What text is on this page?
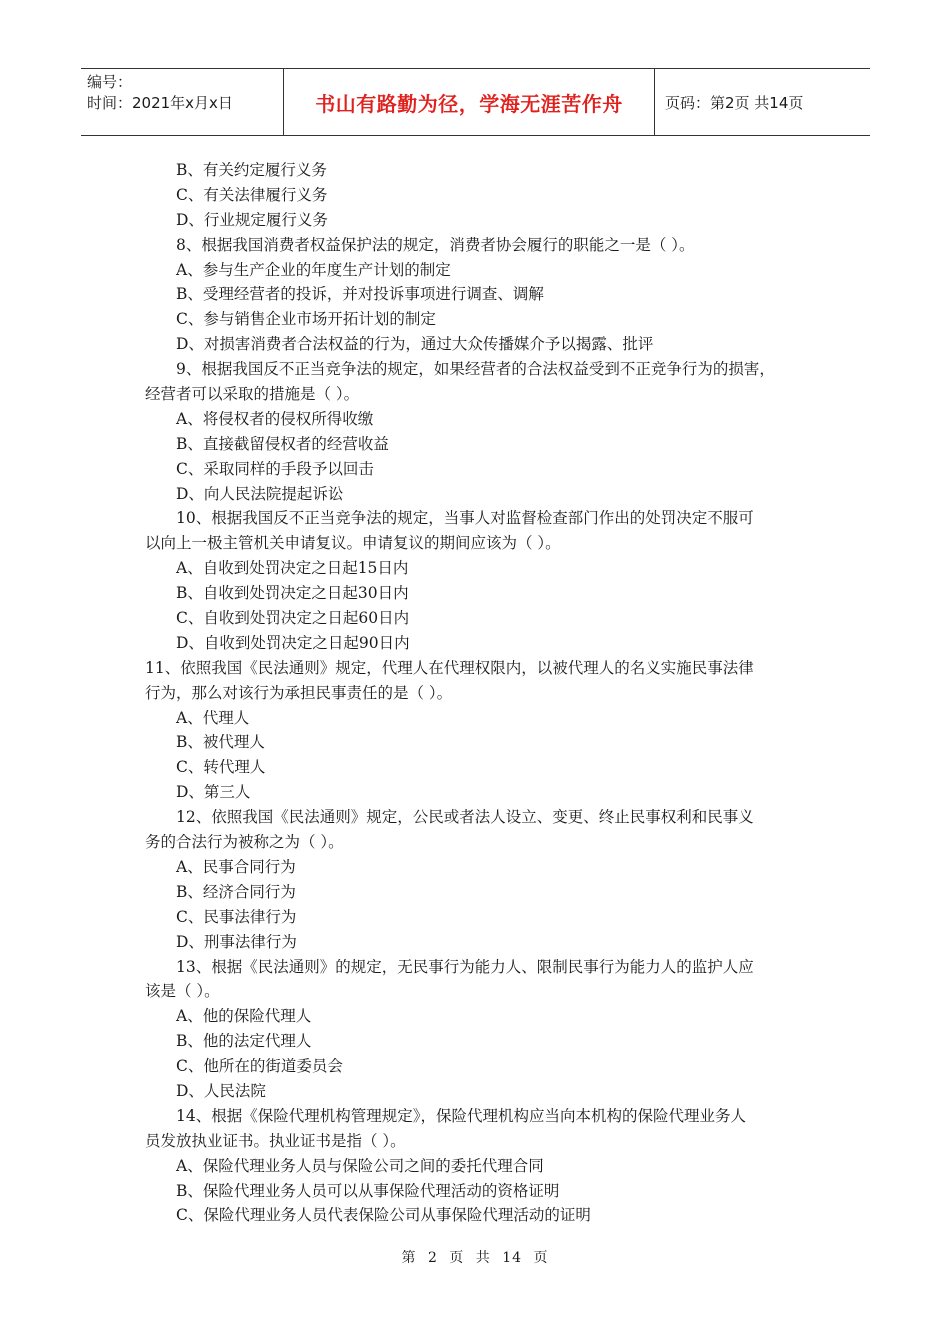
编号：
时间：2021年x月x日	书山有路勤为径，学海无涯苦作舟	页码：第2页 共14页
B、有关约定履行义务
C、有关法律履行义务
D、行业规定履行义务
8、根据我国消费者权益保护法的规定，消费者协会履行的职能之一是（ ）。
A、参与生产企业的年度生产计划的制定
B、受理经营者的投诉，并对投诉事项进行调查、调解
C、参与销售企业市场开拓计划的制定
D、对损害消费者合法权益的行为，通过大众传播媒介予以揭露、批评
9、根据我国反不正当竞争法的规定，如果经营者的合法权益受到不正竞争行为的损害，
经营者可以采取的措施是（ ）。
A、将侵权者的侵权所得收缴
B、直接截留侵权者的经营收益
C、采取同样的手段予以回击
D、向人民法院提起诉讼
10、根据我国反不正当竞争法的规定，当事人对监督检查部门作出的处罚决定不服可
以向上一极主管机关申请复议。申请复议的期间应该为（ ）。
A、自收到处罚决定之日起15日内
B、自收到处罚决定之日起30日内
C、自收到处罚决定之日起60日内
D、自收到处罚决定之日起90日内
11、依照我国《民法通则》规定，代理人在代理权限内，以被代理人的名义实施民事法律
行为，那么对该行为承担民事责任的是（ ）。
A、代理人
B、被代理人
C、转代理人
D、第三人
12、依照我国《民法通则》规定，公民或者法人设立、变更、终止民事权利和民事义
务的合法行为被称之为（ ）。
A、民事合同行为
B、经济合同行为
C、民事法律行为
D、刑事法律行为
13、根据《民法通则》的规定，无民事行为能力人、限制民事行为能力人的监护人应
该是（ ）。
A、他的保险代理人
B、他的法定代理人
C、他所在的街道委员会
D、人民法院
14、根据《保险代理机构管理规定》，保险代理机构应当向本机构的保险代理业务人
员发放执业证书。执业证书是指（ ）。
A、保险代理业务人员与保险公司之间的委托代理合同
B、保险代理业务人员可以从事保险代理活动的资格证明
C、保险代理业务人员代表保险公司从事保险代理活动的证明
第 2 页 共 14 页
